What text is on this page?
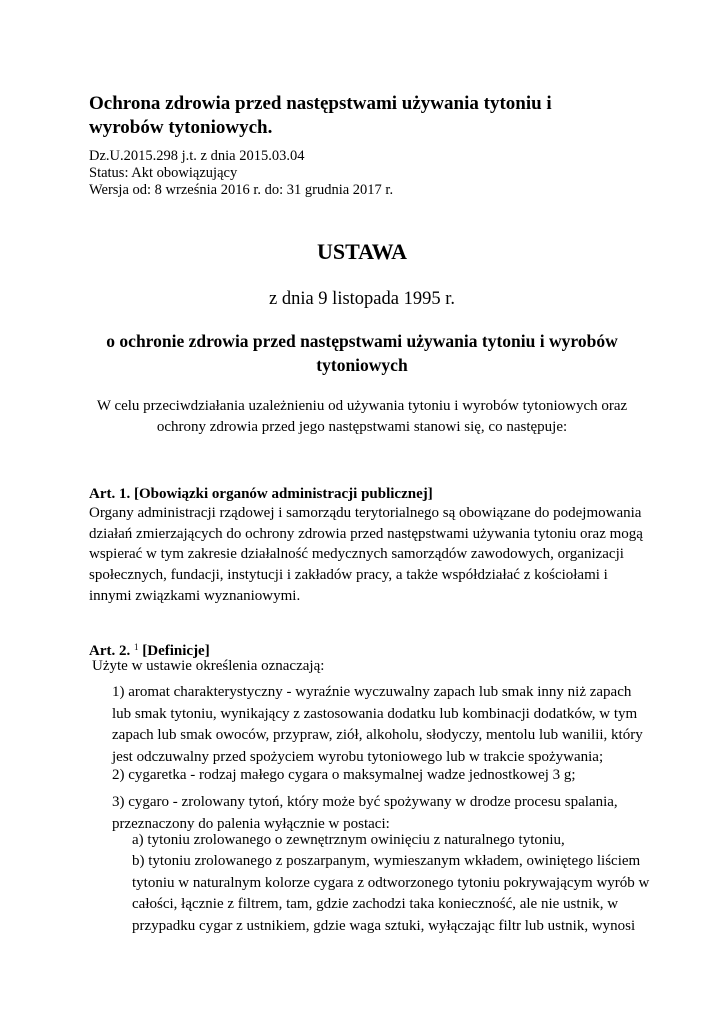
Ochrona zdrowia przed następstwami używania tytoniu i
wyrobów tytoniowych.
Dz.U.2015.298 j.t. z dnia 2015.03.04
Status: Akt obowiązujący
Wersja od: 8 września 2016 r. do: 31 grudnia 2017 r.
USTAWA
z dnia 9 listopada 1995 r.
o ochronie zdrowia przed następstwami używania tytoniu i wyrobów
tytoniowych
W celu przeciwdziałania uzależnieniu od używania tytoniu i wyrobów tytoniowych oraz
ochrony zdrowia przed jego następstwami stanowi się, co następuje:
Art. 1. [Obowiązki organów administracji publicznej]
Organy administracji rządowej i samorządu terytorialnego są obowiązane do podejmowania
działań zmierzających do ochrony zdrowia przed następstwami używania tytoniu oraz mogą
wspierać w tym zakresie działalność medycznych samorządów zawodowych, organizacji
społecznych, fundacji, instytucji i zakładów pracy, a także współdziałać z kościołami i
innymi związkami wyznaniowymi.
Art. 2. $^1$ [Definicje]
Użyte w ustawie określenia oznaczają:
1) aromat charakterystyczny - wyraźnie wyczuwalny zapach lub smak inny niż zapach
lub smak tytoniu, wynikający z zastosowania dodatku lub kombinacji dodatków, w tym
zapach lub smak owoców, przypraw, ziół, alkoholu, słodyczy, mentolu lub wanilii, który
jest odczuwalny przed spożyciem wyrobu tytoniowego lub w trakcie spożywania;
2) cygaretka - rodzaj małego cygara o maksymalnej wadze jednostkowej 3 g;
3) cygaro - zrolowany tytoń, który może być spożywany w drodze procesu spalania,
przeznaczony do palenia wyłącznie w postaci:
a) tytoniu zrolowanego o zewnętrznym owinięciu z naturalnego tytoniu,
b) tytoniu zrolowanego z poszarpanym, wymieszanym wkładem, owiniętego liściem
tytoniu w naturalnym kolorze cygara z odtworzonego tytoniu pokrywającym wyrób w
całości, łącznie z filtrem, tam, gdzie zachodzi taka konieczność, ale nie ustnik, w
przypadku cygar z ustnikiem, gdzie waga sztuki, wyłączając filtr lub ustnik, wynosi
